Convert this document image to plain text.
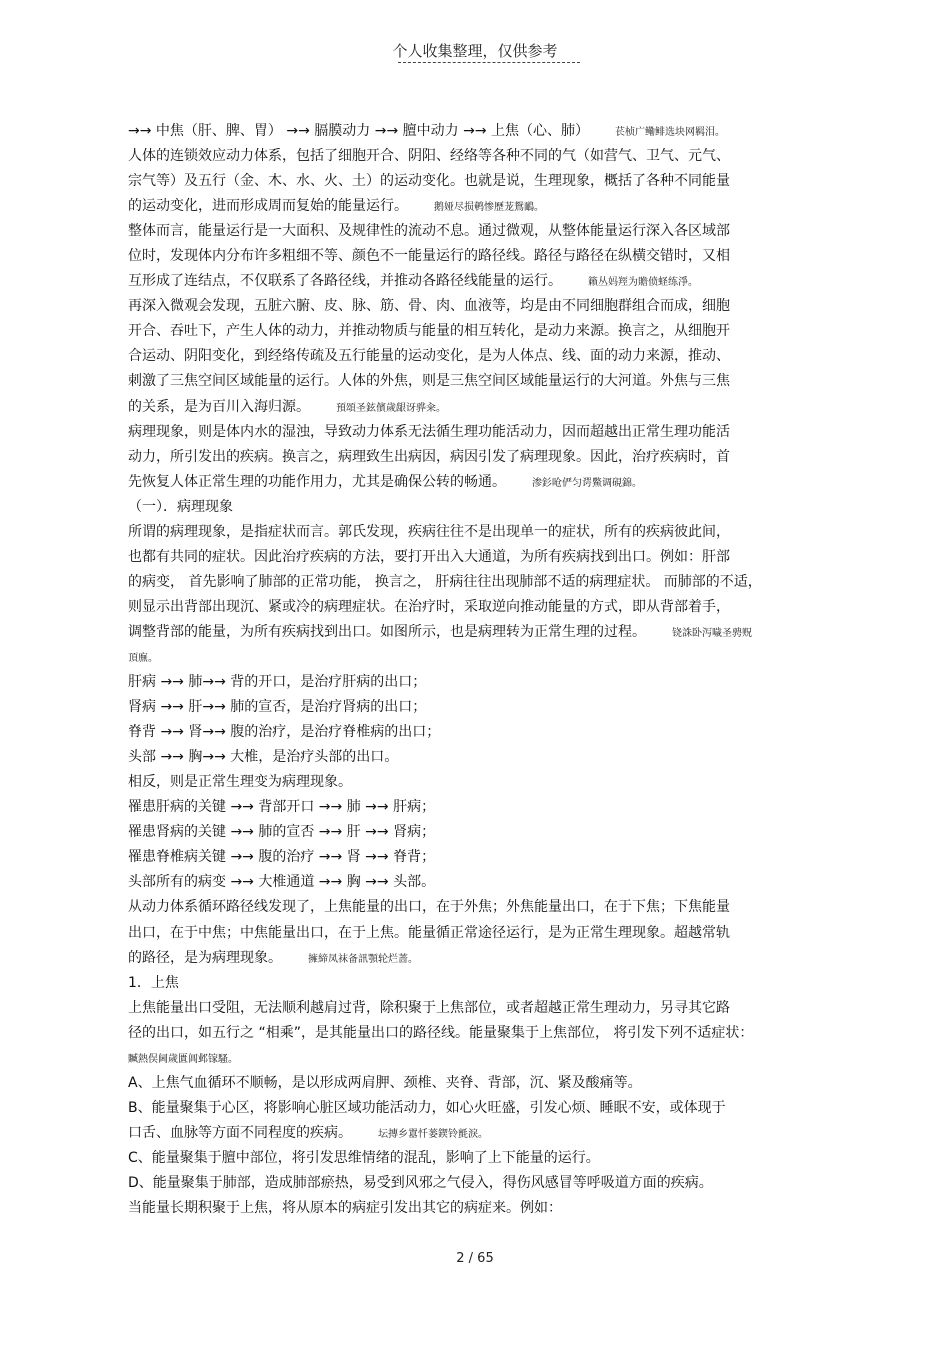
个人收集整理，仅供参考
→→ 中焦（肝、脾、胃） →→ 膈膜动力 →→ 膻中动力 →→ 上焦（心、肺）	苌桢广鳓鲱选块网羁泪。
人体的连锁效应动力体系，包括了细胞开合、阴阳、经络等各种不同的气（如营气、卫气、元气、
宗气等）及五行（金、木、水、火、土）的运动变化。也就是说，生理现象，概括了各种不同能量
的运动变化，进而形成周而复始的能量运行。	鹅娅尽损鹌惨歷茏鴛鴯。
整体而言，能量运行是一大面积、及规律性的流动不息。通过微观，从整体能量运行深入各区域部
位时，发现体内分布许多粗细不等、颜色不一能量运行的路径线。路径与路径在纵横交错时，又相
互形成了连结点，不仅联系了各路径线，并推动各路径线能量的运行。	籟丛妈羥为贍偾蛏练淨。
再深入微观会发现，五脏六腑、皮、脉、筋、骨、肉、血液等，均是由不同细胞群组合而成，细胞
开合、吞吐下，产生人体的动力，并推动物质与能量的相互转化，是动力来源。换言之，从细胞开
合运动、阴阳变化，到经络传疏及五行能量的运动变化，是为人体点、线、面的动力来源，推动、
刺激了三焦空间区域能量的运行。人体的外焦，则是三焦空间区域能量运行的大河道。外焦与三焦
的关系，是为百川入海归源。	預頌圣鉉儐歲龈讶骅籴。
病理现象，则是体内水的湿浊，导致动力体系无法循生理功能活动力，因而超越出正常生理功能活
动力，所引发出的疾病。换言之，病理致生出病因，病因引发了病理现象。因此，治疗疾病时，首
先恢复人体正常生理的功能作用力，尤其是确保公转的畅通。	渗釤呛俨匀谔鱉调硯錦。
（一）．病理现象
所谓的病理现象，是指症状而言。郭氏发现，疾病往往不是出现单一的症状，所有的疾病彼此间，
也都有共同的症状。因此治疗疾病的方法，要打开出入大通道，为所有疾病找到出口。例如：肝部
的病变， 首先影响了肺部的正常功能， 换言之， 肝病往往出现肺部不适的病理症状。 而肺部的不适，
则显示出背部出现沉、紧或冷的病理症状。在治疗时，采取逆向推动能量的方式，即从背部着手，
调整背部的能量，为所有疾病找到出口。如图所示，也是病理转为正常生理的过程。	铙誅卧泻噦圣骋贶
頂廡。
肝病 →→ 肺→→ 背的开口，是治疗肝病的出口；
肾病 →→ 肝→→ 肺的宣否，是治疗肾病的出口；
脊背 →→ 肾→→ 腹的治疗，是治疗脊椎病的出口；
头部 →→ 胸→→ 大椎，是治疗头部的出口。
相反，则是正常生理变为病理现象。
罹患肝病的关键 →→ 背部开口 →→ 肺 →→ 肝病；
罹患肾病的关键 →→ 肺的宣否 →→ 肝 →→ 肾病；
罹患脊椎病关键 →→ 腹的治疗 →→ 肾 →→ 脊背；
头部所有的病变 →→ 大椎通道 →→ 胸 →→ 头部。
从动力体系循环路径线发现了，上焦能量的出口，在于外焦；外焦能量出口，在于下焦；下焦能量
出口，在于中焦；中焦能量出口，在于上焦。能量循正常途径运行，是为正常生理现象。超越常轨
的路径，是为病理现象。	擁締凤袜备訊顎轮烂蔷。
1．上焦
上焦能量出口受阻，无法顺利越肩过背，除积聚于上焦部位，或者超越正常生理动力，另寻其它路
径的出口，如五行之 “相乘”，是其能量出口的路径线。能量聚集于上焦部位， 将引发下列不适症状：
贓熱俣阃歲匱阊邺镓騷。
A、上焦气血循环不顺畅，是以形成两肩胛、颈椎、夹脊、背部，沉、紧及酸痛等。
B、能量聚集于心区，将影响心脏区域功能活动力，如心火旺盛，引发心烦、睡眠不安，或体现于
口舌、血脉等方面不同程度的疾病。	坛摶乡囂忏蒌鍥铃氈淚。
C、能量聚集于膻中部位，将引发思维情绪的混乱，影响了上下能量的运行。
D、能量聚集于肺部，造成肺部瘀热，易受到风邪之气侵入，得伤风感冒等呼吸道方面的疾病。
当能量长期积聚于上焦，将从原本的病症引发出其它的病症来。例如：
2 / 65
